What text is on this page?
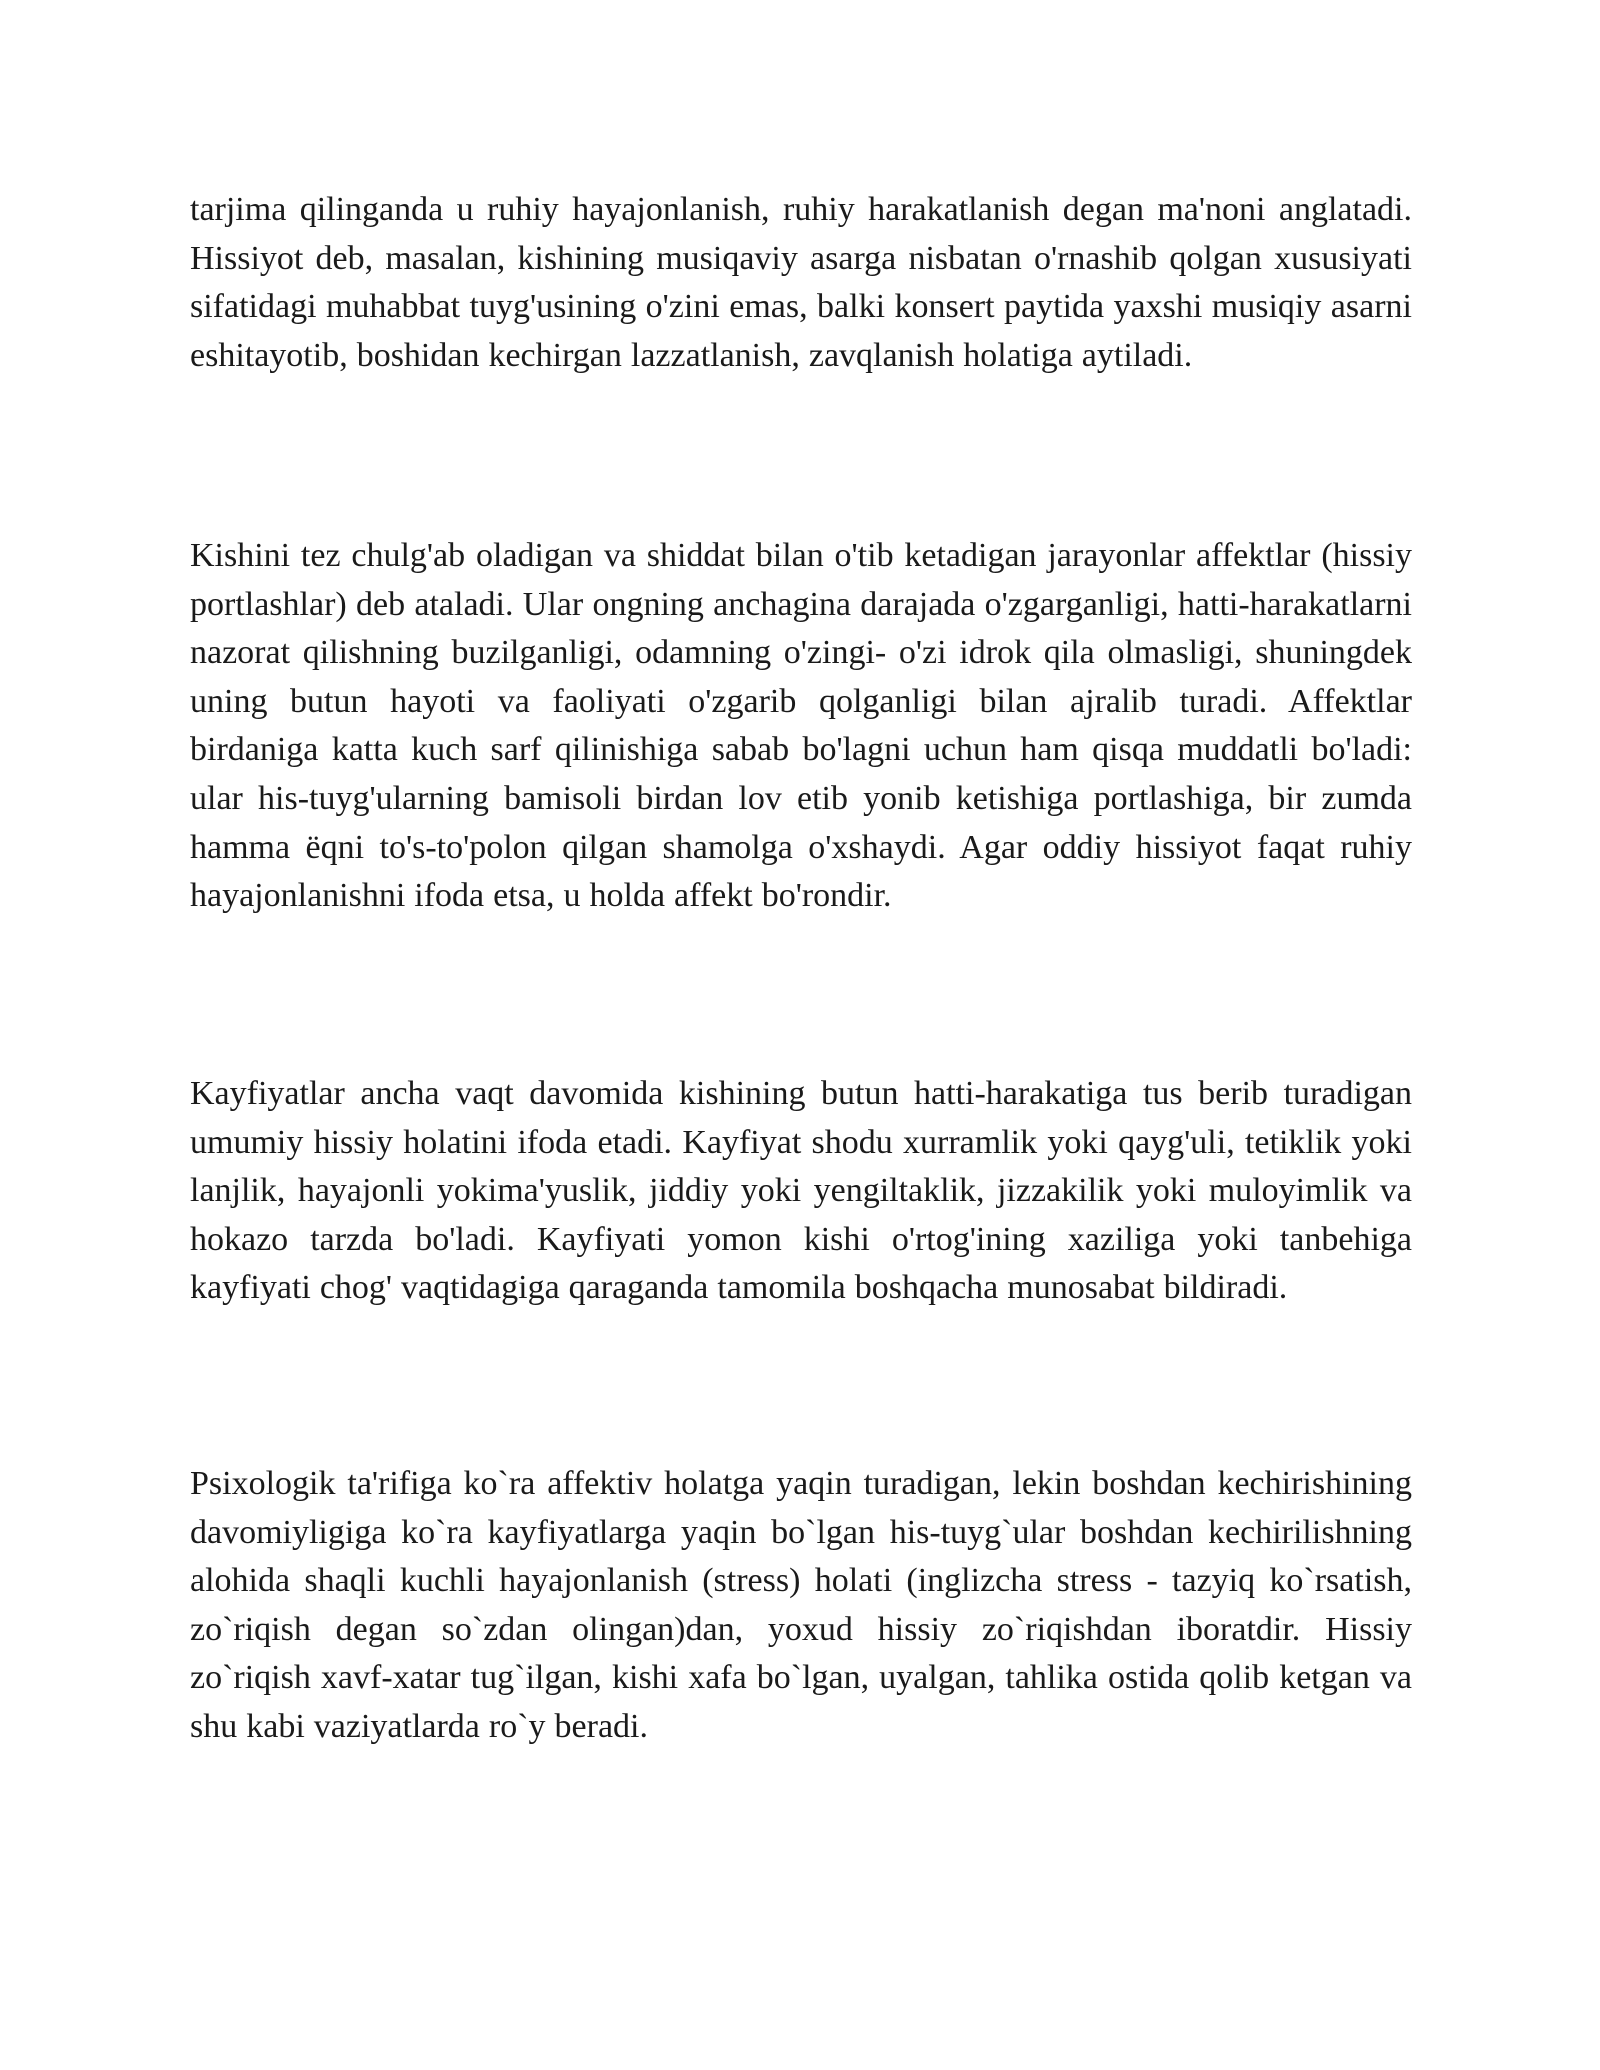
tarjima qilinganda u ruhiy hayajonlanish, ruhiy harakatlanish degan ma'noni anglatadi. Hissiyot deb, masalan, kishining musiqaviy asarga nisbatan o'rnashib qolgan xususiyati sifatidagi muhabbat tuyg'usining o'zini emas, balki konsert paytida yaxshi musiqiy asarni eshitayotib, boshidan kechirgan lazzatlanish, zavqlanish holatiga aytiladi.

Kishini tez chulg'ab oladigan va shiddat bilan o'tib ketadigan jarayonlar affektlar (hissiy portlashlar) deb ataladi. Ular ongning anchagina darajada o'zgarganligi, hatti-harakatlarni nazorat qilishning buzilganligi, odamning o'zingi- o'zi idrok qila olmasligi, shuningdek uning butun hayoti va faoliyati o'zgarib qolganligi bilan ajralib turadi. Affektlar birdaniga katta kuch sarf qilinishiga sabab bo'lagni uchun ham qisqa muddatli bo'ladi: ular his-tuyg'ularning bamisoli birdan lov etib yonib ketishiga portlashiga, bir zumda hamma ëqni to's-to'polon qilgan shamolga o'xshaydi. Agar oddiy hissiyot faqat ruhiy hayajonlanishni ifoda etsa, u holda affekt bo'rondir.

Kayfiyatlar ancha vaqt davomida kishining butun hatti-harakatiga tus berib turadigan umumiy hissiy holatini ifoda etadi. Kayfiyat shodu xurramlik yoki qayg'uli, tetiklik yoki lanjlik, hayajonli yokima'yuslik, jiddiy yoki yengiltaklik, jizzakilik yoki muloyimlik va hokazo tarzda bo'ladi. Kayfiyati yomon kishi o'rtog'ining xaziliga yoki tanbehiga kayfiyati chog' vaqtidagiga qaraganda tamomila boshqacha munosabat bildiradi.

Psixologik ta'rifiga ko`ra affektiv holatga yaqin turadigan, lekin boshdan kechirishining davomiyligiga ko`ra kayfiyatlarga yaqin bo`lgan his-tuyg`ular boshdan kechirilishning alohida shaqli kuchli hayajonlanish (stress) holati (inglizcha stress - tazyiq ko`rsatish, zo`riqish degan so`zdan olingan)dan, yoxud hissiy zo`riqishdan iboratdir. Hissiy zo`riqish xavf-xatar tug`ilgan, kishi xafa bo`lgan, uyalgan, tahlika ostida qolib ketgan va shu kabi vaziyatlarda ro`y beradi.
